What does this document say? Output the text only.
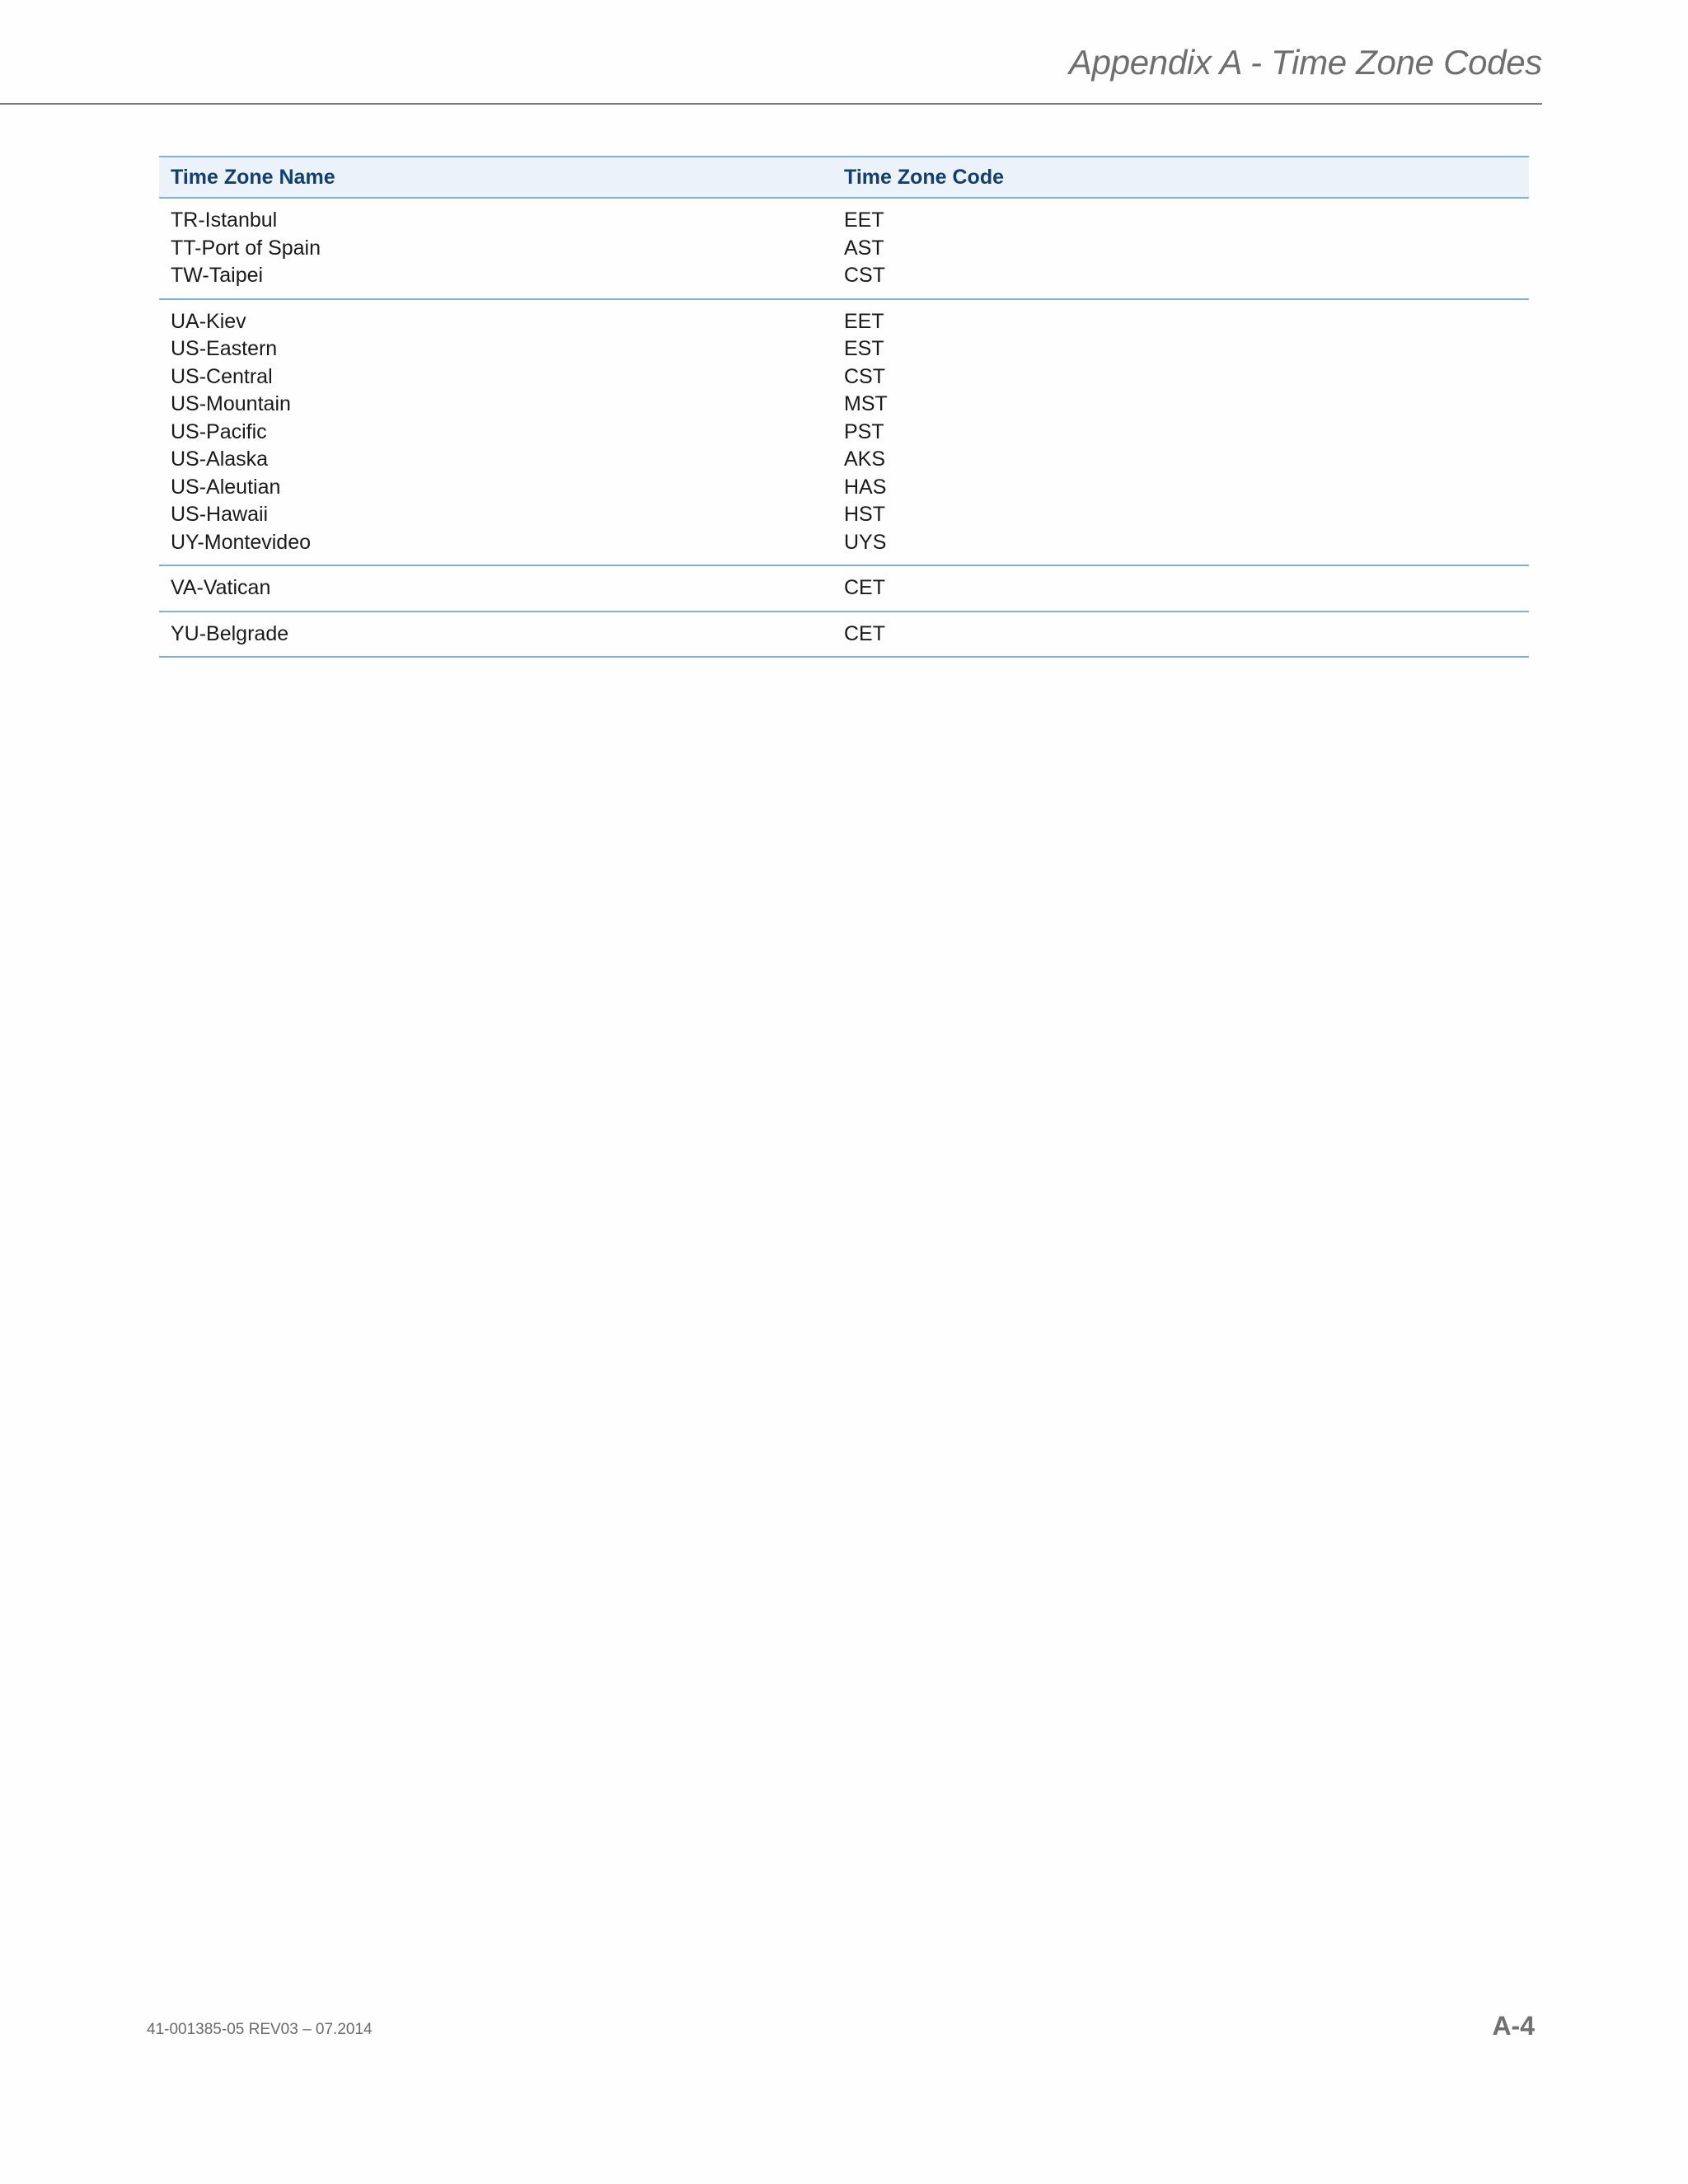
Appendix A - Time Zone Codes
Time Zone Name	Time Zone Code
TR-Istanbul	EET
TT-Port of Spain	AST
TW-Taipei	CST
UA-Kiev	EET
US-Eastern	EST
US-Central	CST
US-Mountain	MST
US-Pacific	PST
US-Alaska	AKS
US-Aleutian	HAS
US-Hawaii	HST
UY-Montevideo	UYS
VA-Vatican	CET
YU-Belgrade	CET
41-001385-05 REV03 – 07.2014	A-4
